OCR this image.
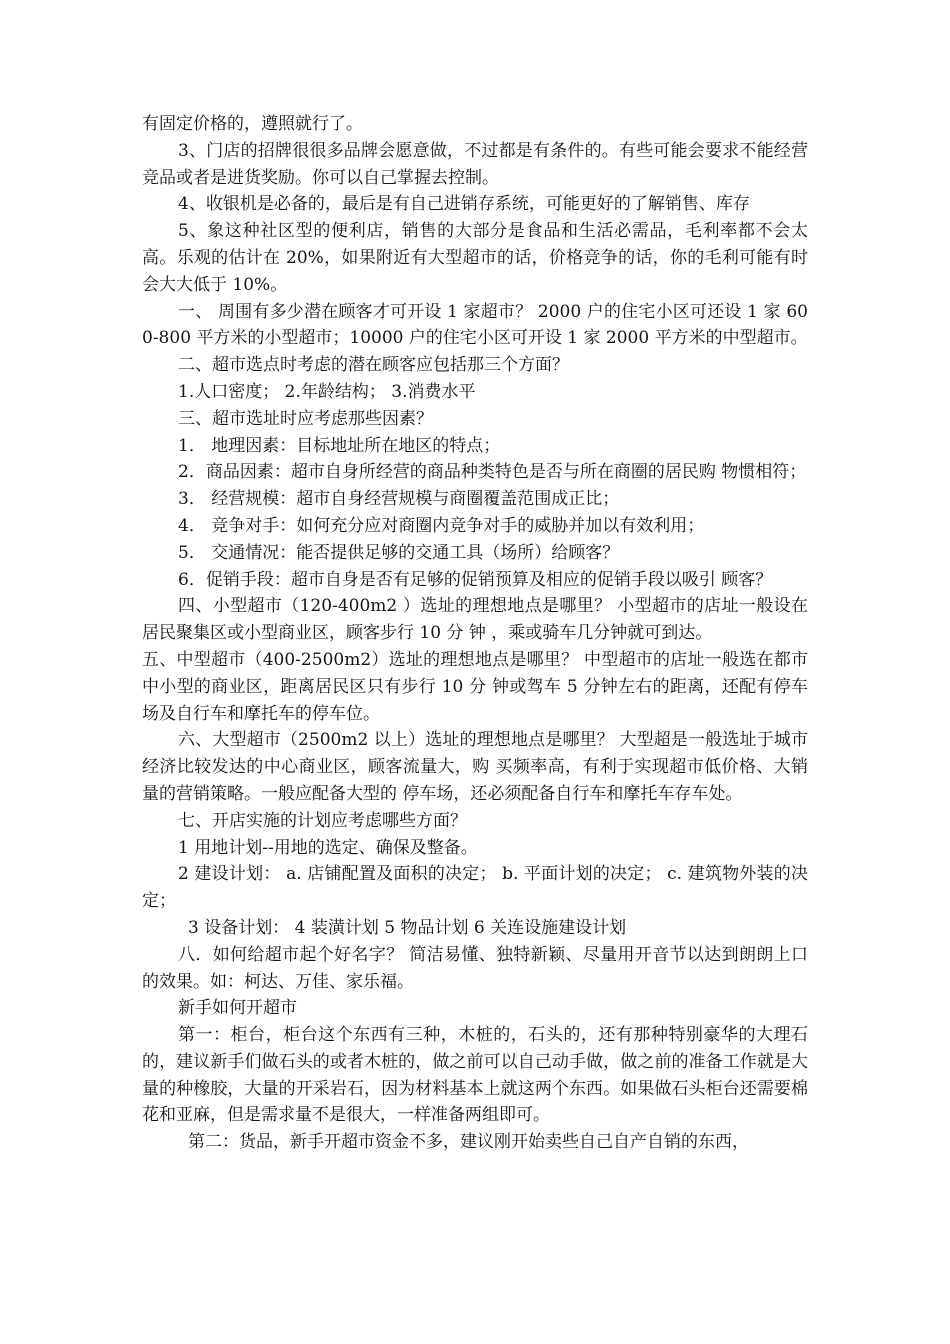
有固定价格的，遵照就行了。

3、门店的招牌很很多品牌会愿意做，不过都是有条件的。有些可能会要求不能经营竞品或者是进货奖励。你可以自己掌握去控制。

4、收银机是必备的，最后是有自己进销存系统，可能更好的了解销售、库存

5、象这种社区型的便利店，销售的大部分是食品和生活必需品，毛利率都不会太高。乐观的估计在 20%，如果附近有大型超市的话，价格竞争的话，你的毛利可能有时会大大低于 10%。

一、 周围有多少潜在顾客才可开设 1 家超市？ 2000 户的住宅小区可还设 1 家 600-800 平方米的小型超市；10000 户的住宅小区可开设 1 家 2000 平方米的中型超市。

二、超市选点时考虑的潜在顾客应包括那三个方面？

1.人口密度； 2.年龄结构； 3.消费水平

三、超市选址时应考虑那些因素？

1． 地理因素：目标地址所在地区的特点；

2．商品因素：超市自身所经营的商品种类特色是否与所在商圈的居民购 物惯相符；

3． 经营规模：超市自身经营规模与商圈覆盖范围成正比；

4． 竞争对手：如何充分应对商圈内竞争对手的威胁并加以有效利用；

5． 交通情况：能否提供足够的交通工具（场所）给顾客？

6．促销手段：超市自身是否有足够的促销预算及相应的促销手段以吸引 顾客？

四、小型超市（120-400m2 ）选址的理想地点是哪里？ 小型超市的店址一般设在居民聚集区或小型商业区，顾客步行 10 分 钟 ，乘或骑车几分钟就可到达。

五、中型超市（400-2500m2）选址的理想地点是哪里？ 中型超市的店址一般选在都市中小型的商业区，距离居民区只有步行 10 分 钟或驾车 5 分钟左右的距离，还配有停车场及自行车和摩托车的停车位。

六、大型超市（2500m2 以上）选址的理想地点是哪里？ 大型超是一般选址于城市经济比较发达的中心商业区，顾客流量大，购 买频率高，有利于实现超市低价格、大销量的营销策略。一般应配备大型的 停车场，还必须配备自行车和摩托车存车处。

七、开店实施的计划应考虑哪些方面？

1 用地计划--用地的选定、确保及整备。

2 建设计划： a. 店铺配置及面积的决定； b. 平面计划的决定； c. 建筑物外装的决定；

3 设备计划： 4 装潢计划 5 物品计划 6 关连设施建设计划

八．如何给超市起个好名字？ 简洁易懂、独特新颖、尽量用开音节以达到朗朗上口的效果。如：柯达、万佳、家乐福。

新手如何开超市

第一：柜台，柜台这个东西有三种，木桩的，石头的，还有那种特别豪华的大理石的，建议新手们做石头的或者木桩的，做之前可以自己动手做，做之前的准备工作就是大量的种橡胶，大量的开采岩石，因为材料基本上就这两个东西。如果做石头柜台还需要棉花和亚麻，但是需求量不是很大，一样准备两组即可。

第二：货品，新手开超市资金不多，建议刚开始卖些自己自产自销的东西，
